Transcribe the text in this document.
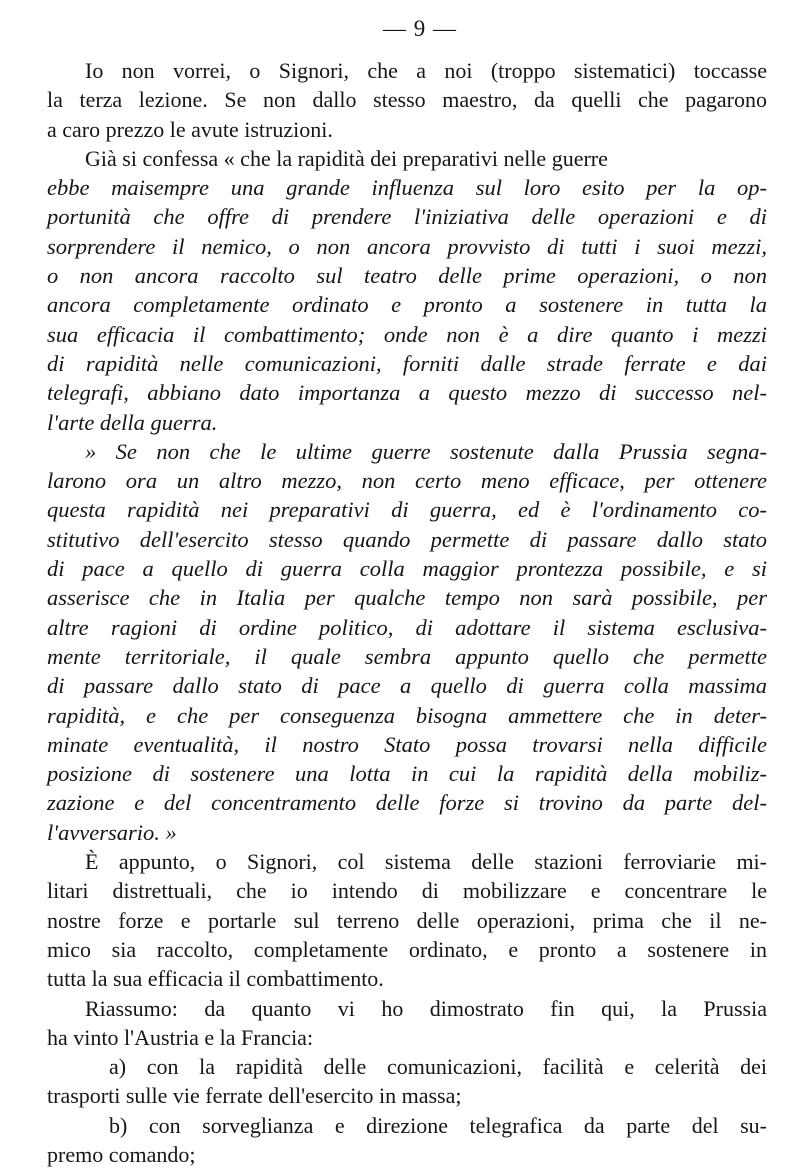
— 9 —
Io non vorrei, o Signori, che a noi (troppo sistematici) toccasse
la terza lezione. Se non dallo stesso maestro, da quelli che pagarono
a caro prezzo le avute istruzioni.
Già si confessa « che la rapidità dei preparativi nelle guerre
ebbe maisempre una grande influenza sul loro esito per la op-
portunità che offre di prendere l'iniziativa delle operazioni e di
sorprendere il nemico, o non ancora provvisto di tutti i suoi mezzi,
o non ancora raccolto sul teatro delle prime operazioni, o non
ancora completamente ordinato e pronto a sostenere in tutta la
sua efficacia il combattimento; onde non è a dire quanto i mezzi
di rapidità nelle comunicazioni, forniti dalle strade ferrate e dai
telegrafi, abbiano dato importanza a questo mezzo di successo nel-
l'arte della guerra.
» Se non che le ultime guerre sostenute dalla Prussia segna-
larono ora un altro mezzo, non certo meno efficace, per ottenere
questa rapidità nei preparativi di guerra, ed è l'ordinamento co-
stitutivo dell'esercito stesso quando permette di passare dallo stato
di pace a quello di guerra colla maggior prontezza possibile, e si
asserisce che in Italia per qualche tempo non sarà possibile, per
altre ragioni di ordine politico, di adottare il sistema esclusiva-
mente territoriale, il quale sembra appunto quello che permette
di passare dallo stato di pace a quello di guerra colla massima
rapidità, e che per conseguenza bisogna ammettere che in deter-
minate eventualità, il nostro Stato possa trovarsi nella difficile
posizione di sostenere una lotta in cui la rapidità della mobiliz-
zazione e del concentramento delle forze si trovino da parte del-
l'avversario. »
È appunto, o Signori, col sistema delle stazioni ferroviarie mi-
litari distrettuali, che io intendo di mobilizzare e concentrare le
nostre forze e portarle sul terreno delle operazioni, prima che il ne-
mico sia raccolto, completamente ordinato, e pronto a sostenere in
tutta la sua efficacia il combattimento.
Riassumo: da quanto vi ho dimostrato fin qui, la Prussia
ha vinto l'Austria e la Francia:
a) con la rapidità delle comunicazioni, facilità e celerità dei
trasporti sulle vie ferrate dell'esercito in massa;
b) con sorveglianza e direzione telegrafica da parte del su-
premo comando;
